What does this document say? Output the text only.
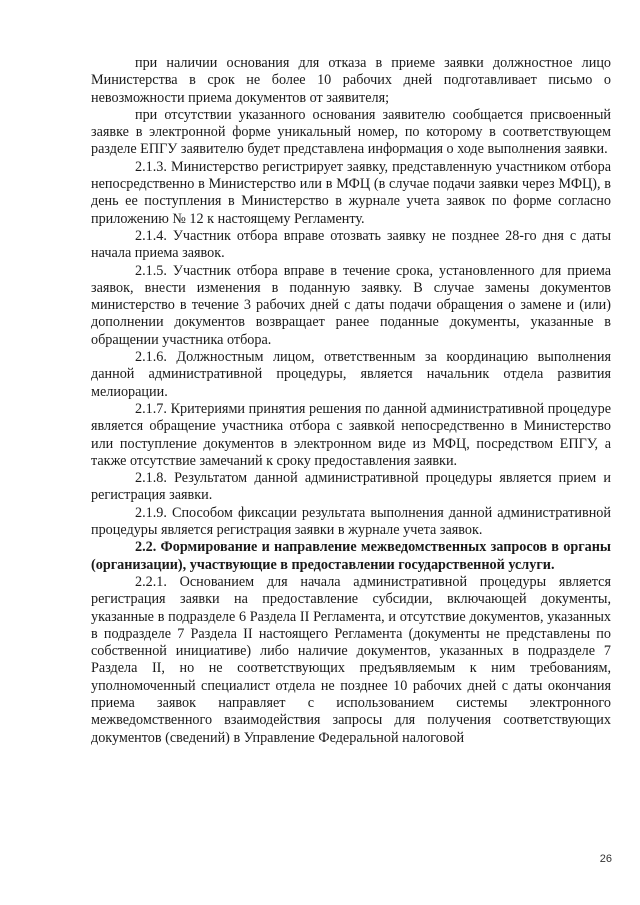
при наличии основания для отказа в приеме заявки должностное лицо Министерства в срок не более 10 рабочих дней подготавливает письмо о невозможности приема документов от заявителя;

при отсутствии указанного основания заявителю сообщается присвоенный заявке в электронной форме уникальный номер, по которому в соответствующем разделе ЕПГУ заявителю будет представлена информация о ходе выполнения заявки.

2.1.3. Министерство регистрирует заявку, представленную участником отбора непосредственно в Министерство или в МФЦ (в случае подачи заявки через МФЦ), в день ее поступления в Министерство в журнале учета заявок по форме согласно приложению № 12 к настоящему Регламенту.

2.1.4. Участник отбора вправе отозвать заявку не позднее 28-го дня с даты начала приема заявок.

2.1.5. Участник отбора вправе в течение срока, установленного для приема заявок, внести изменения в поданную заявку. В случае замены документов министерство в течение 3 рабочих дней с даты подачи обращения о замене и (или) дополнении документов возвращает ранее поданные документы, указанные в обращении участника отбора.

2.1.6. Должностным лицом, ответственным за координацию выполнения данной административной процедуры, является начальник отдела развития мелиорации.

2.1.7. Критериями принятия решения по данной административной процедуре является обращение участника отбора с заявкой непосредственно в Министерство или поступление документов в электронном виде из МФЦ, посредством ЕПГУ, а также отсутствие замечаний к сроку предоставления заявки.

2.1.8. Результатом данной административной процедуры является прием и регистрация заявки.

2.1.9. Способом фиксации результата выполнения данной административной процедуры является регистрация заявки в журнале учета заявок.

2.2. Формирование и направление межведомственных запросов в органы (организации), участвующие в предоставлении государственной услуги.

2.2.1. Основанием для начала административной процедуры является регистрация заявки на предоставление субсидии, включающей документы, указанные в подразделе 6 Раздела II Регламента, и отсутствие документов, указанных в подразделе 7 Раздела II настоящего Регламента (документы не представлены по собственной инициативе) либо наличие документов, указанных в подразделе 7 Раздела II, но не соответствующих предъявляемым к ним требованиям, уполномоченный специалист отдела не позднее 10 рабочих дней с даты окончания приема заявок направляет с использованием системы электронного межведомственного взаимодействия запросы для получения соответствующих документов (сведений) в Управление Федеральной налоговой

26
